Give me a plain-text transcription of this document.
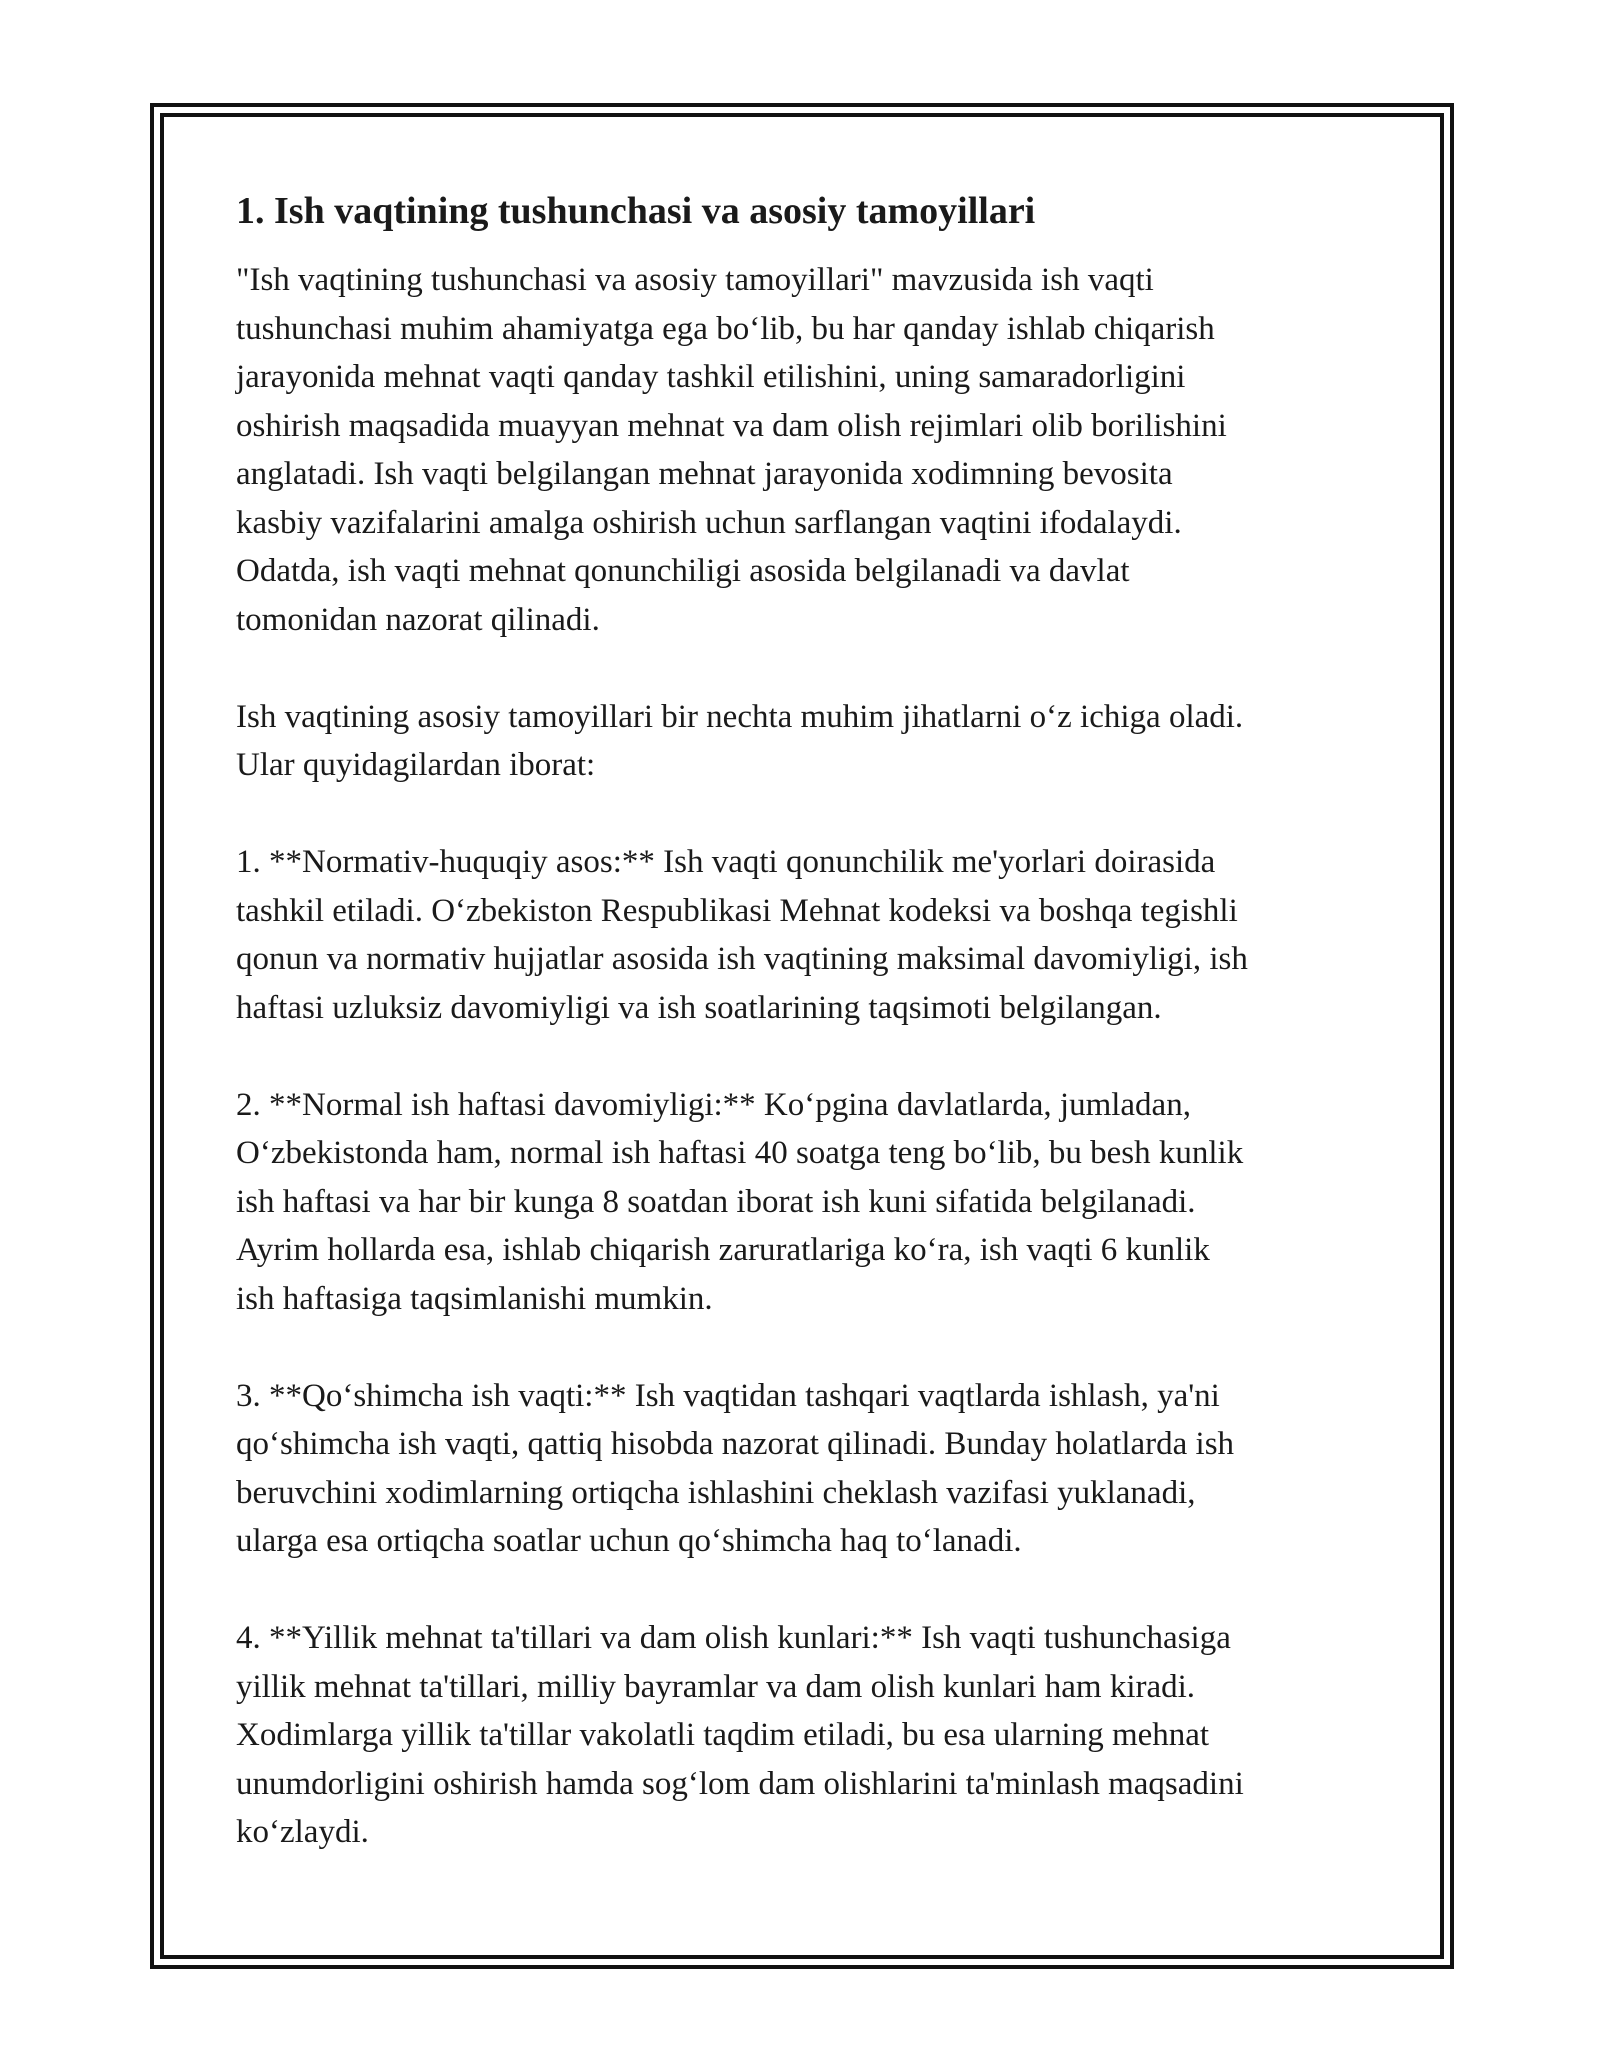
1. Ish vaqtining tushunchasi va asosiy tamoyillari

"Ish vaqtining tushunchasi va asosiy tamoyillari" mavzusida ish vaqti
tushunchasi muhim ahamiyatga ega bo‘lib, bu har qanday ishlab chiqarish
jarayonida mehnat vaqti qanday tashkil etilishini, uning samaradorligini
oshirish maqsadida muayyan mehnat va dam olish rejimlari olib borilishini
anglatadi. Ish vaqti belgilangan mehnat jarayonida xodimning bevosita
kasbiy vazifalarini amalga oshirish uchun sarflangan vaqtini ifodalaydi.
Odatda, ish vaqti mehnat qonunchiligi asosida belgilanadi va davlat
tomonidan nazorat qilinadi.

Ish vaqtining asosiy tamoyillari bir nechta muhim jihatlarni o‘z ichiga oladi.
Ular quyidagilardan iborat:

1. **Normativ-huquqiy asos:** Ish vaqti qonunchilik me'yorlari doirasida
tashkil etiladi. O‘zbekiston Respublikasi Mehnat kodeksi va boshqa tegishli
qonun va normativ hujjatlar asosida ish vaqtining maksimal davomiyligi, ish
haftasi uzluksiz davomiyligi va ish soatlarining taqsimoti belgilangan.

2. **Normal ish haftasi davomiyligi:** Ko‘pgina davlatlarda, jumladan,
O‘zbekistonda ham, normal ish haftasi 40 soatga teng bo‘lib, bu besh kunlik
ish haftasi va har bir kunga 8 soatdan iborat ish kuni sifatida belgilanadi.
Ayrim hollarda esa, ishlab chiqarish zaruratlariga ko‘ra, ish vaqti 6 kunlik
ish haftasiga taqsimlanishi mumkin.

3. **Qo‘shimcha ish vaqti:** Ish vaqtidan tashqari vaqtlarda ishlash, ya'ni
qo‘shimcha ish vaqti, qattiq hisobda nazorat qilinadi. Bunday holatlarda ish
beruvchini xodimlarning ortiqcha ishlashini cheklash vazifasi yuklanadi,
ularga esa ortiqcha soatlar uchun qo‘shimcha haq to‘lanadi.

4. **Yillik mehnat ta'tillari va dam olish kunlari:** Ish vaqti tushunchasiga
yillik mehnat ta'tillari, milliy bayramlar va dam olish kunlari ham kiradi.
Xodimlarga yillik ta'tillar vakolatli taqdim etiladi, bu esa ularning mehnat
unumdorligini oshirish hamda sog‘lom dam olishlarini ta'minlash maqsadini
ko‘zlaydi.
